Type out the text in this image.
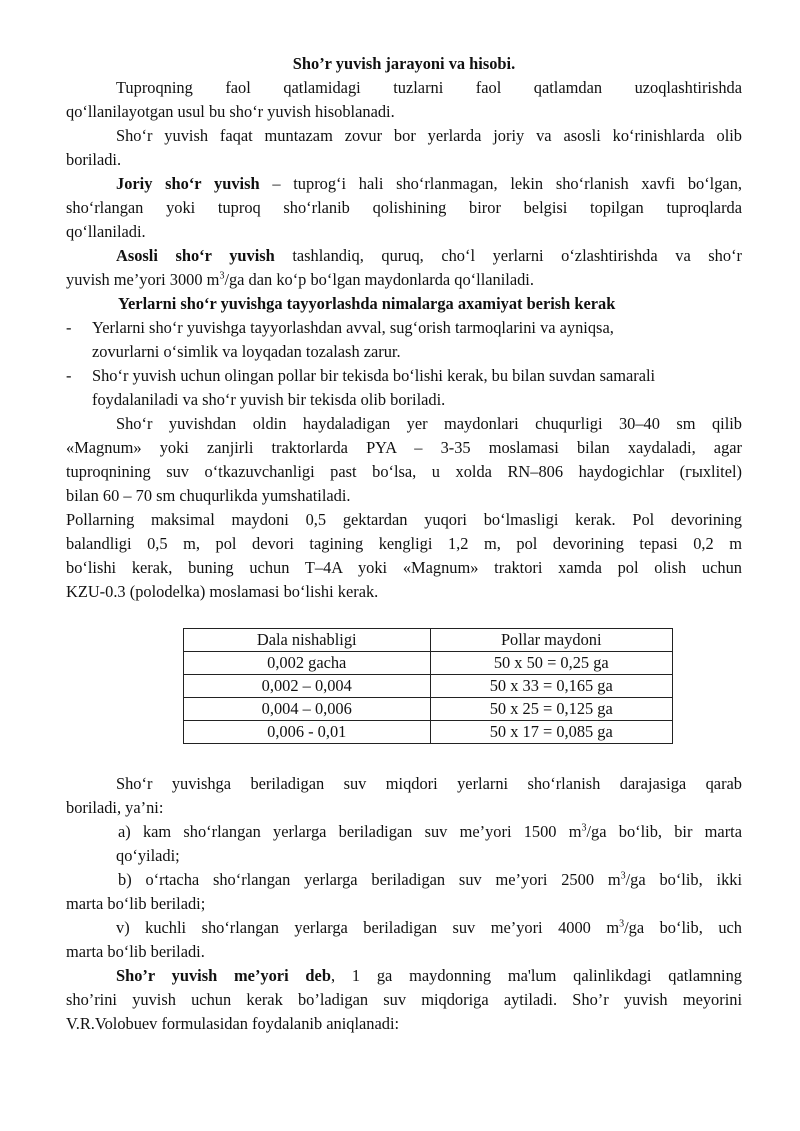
Sho’r yuvish jarayoni va hisobi.

Tuproqning faol qatlamidagi tuzlarni faol qatlamdan uzoqlashtirishda

qo‘llanilayotgan usul bu sho‘r yuvish hisoblanadi.

Sho‘r yuvish faqat muntazam zovur bor yerlarda joriy va asosli ko‘rinishlarda olib

boriladi.

Joriy sho‘r yuvish – tuprog‘i hali sho‘rlanmagan, lekin sho‘rlanish xavfi bo‘lgan,

sho‘rlangan yoki tuproq sho‘rlanib qolishining biror belgisi topilgan tuproqlarda

qo‘llaniladi.

Asosli sho‘r yuvish tashlandiq, quruq, cho‘l yerlarni o‘zlashtirishda va sho‘r

yuvish me’yori 3000 $m^3/ga$ dan ko‘p bo‘lgan maydonlarda qo‘llaniladi.

Yerlarni sho‘r yuvishga tayyorlashda nimalarga axamiyat berish kerak

- Yerlarni sho‘r yuvishga tayyorlashdan avval, sug‘orish tarmoqlarini va ayniqsa,

zovurlarni o‘simlik va loyqadan tozalash zarur.

- Sho‘r yuvish uchun olingan pollar bir tekisda bo‘lishi kerak, bu bilan suvdan samarali

foydalaniladi va sho‘r yuvish bir tekisda olib boriladi.

Sho‘r yuvishdan oldin haydaladigan yer maydonlari chuqurligi 30–40 sm qilib

«Magnum» yoki zanjirli traktorlarda PYA – 3-35 moslamasi bilan xaydaladi, agar

tuproqnining suv o‘tkazuvchanligi past bo‘lsa, u xolda RN–806 haydogichlar (гыxlitel)

bilan 60 – 70 sm chuqurlikda yumshatiladi.

Pollarning maksimal maydoni 0,5 gektardan yuqori bo‘lmasligi kerak. Pol devorining

balandligi 0,5 m, pol devori tagining kengligi 1,2 m, pol devorining tepasi 0,2 m

bo‘lishi kerak, buning uchun T–4A yoki «Magnum» traktori xamda pol olish uchun

KZU-0.3 (polodelka) moslamasi bo‘lishi kerak.

Dala nishabligi	Pollar maydoni
0,002 gacha	50 x 50 = 0,25 ga
0,002 – 0,004	50 x 33 = 0,165 ga
0,004 – 0,006	50 x 25 = 0,125 ga
0,006 - 0,01	50 x 17 = 0,085 ga

Sho‘r yuvishga beriladigan suv miqdori yerlarni sho‘rlanish darajasiga qarab

boriladi, ya’ni:

a) kam sho‘rlangan yerlarga beriladigan suv me’yori 1500 $m^3/ga$ bo‘lib, bir marta

qo‘yiladi;

b) o‘rtacha sho‘rlangan yerlarga beriladigan suv me’yori 2500 $m^3/ga$ bo‘lib, ikki

marta bo‘lib beriladi;

v) kuchli sho‘rlangan yerlarga beriladigan suv me’yori 4000 $m^3/ga$ bo‘lib, uch

marta bo‘lib beriladi.

Sho’r yuvish me’yori deb, 1 ga maydonning ma'lum qalinlikdagi qatlamning

sho’rini yuvish uchun kerak bo’ladigan suv miqdoriga aytiladi. Sho’r yuvish meyorini

V.R.Volobuev formulasidan foydalanib aniqlanadi:
